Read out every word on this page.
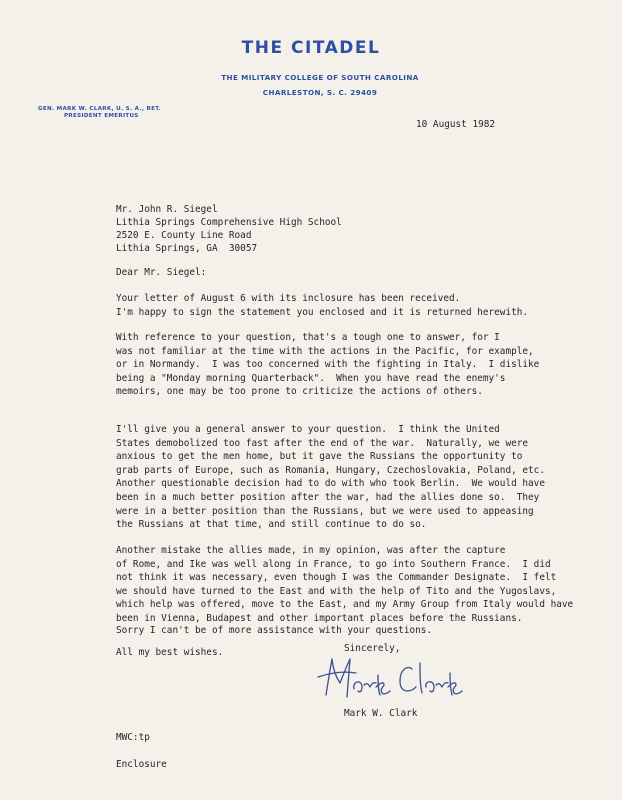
THE CITADEL
THE MILITARY COLLEGE OF SOUTH CAROLINA
CHARLESTON, S. C. 29409
GEN. MARK W. CLARK, U. S. A., RET.
PRESIDENT EMERITUS
10 August 1982
Mr. John R. Siegel
Lithia Springs Comprehensive High School
2520 E. County Line Road
Lithia Springs, GA  30057
Dear Mr. Siegel:
Your letter of August 6 with its inclosure has been received.
I'm happy to sign the statement you enclosed and it is returned herewith.
With reference to your question, that's a tough one to answer, for I
was not familiar at the time with the actions in the Pacific, for example,
or in Normandy.  I was too concerned with the fighting in Italy.  I dislike
being a "Monday morning Quarterback".  When you have read the enemy's
memoirs, one may be too prone to criticize the actions of others.
I'll give you a general answer to your question.  I think the United
States demobolized too fast after the end of the war.  Naturally, we were
anxious to get the men home, but it gave the Russians the opportunity to
grab parts of Europe, such as Romania, Hungary, Czechoslovakia, Poland, etc.
Another questionable decision had to do with who took Berlin.  We would have
been in a much better position after the war, had the allies done so.  They
were in a better position than the Russians, but we were used to appeasing
the Russians at that time, and still continue to do so.
Another mistake the allies made, in my opinion, was after the capture
of Rome, and Ike was well along in France, to go into Southern France.  I did
not think it was necessary, even though I was the Commander Designate.  I felt
we should have turned to the East and with the help of Tito and the Yugoslavs,
which help was offered, move to the East, and my Army Group from Italy would have
been in Vienna, Budapest and other important places before the Russians.
Sorry I can't be of more assistance with your questions.
All my best wishes.	Sincerely,
Mark W. Clark
MWC:tp
Enclosure
